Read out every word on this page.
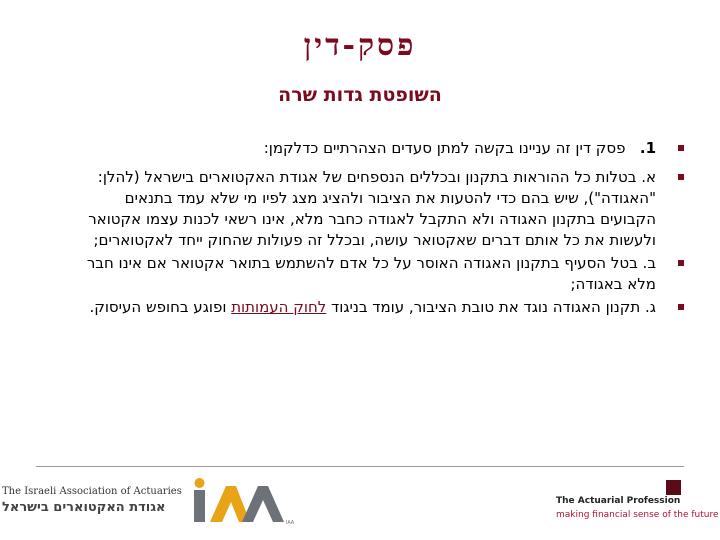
פסק-דין
השופטת גדות שרה
1.   פסק דין זה עניינו בקשה למתן סעדים הצהרתיים כדלקמן:
א. בטלות כל ההוראות בתקנון ובכללים הנספחים של אגודת האקטוארים בישראל (להלן: "האגודה"), שיש בהם כדי להטעות את הציבור ולהציג מצג לפיו מי שלא עמד בתנאים הקבועים בתקנון האגודה ולא התקבל לאגודה כחבר מלא, אינו רשאי לכנות עצמו אקטואר ולעשות את כל אותם דברים שאקטואר עושה, ובכלל זה פעולות שהחוק ייחד לאקטוארים;
ב. בטל הסעיף בתקנון האגודה האוסר על כל אדם להשתמש בתואר אקטואר אם אינו חבר מלא באגודה;
ג. תקנון האגודה נוגד את טובת הציבור, עומד בניגוד לחוק העמותות ופוגע בחופש העיסוק.
The Israeli Association of Actuaries
אגודת האקטוארים בישראל
IAA
The Actuarial Profession
making financial sense of the future
